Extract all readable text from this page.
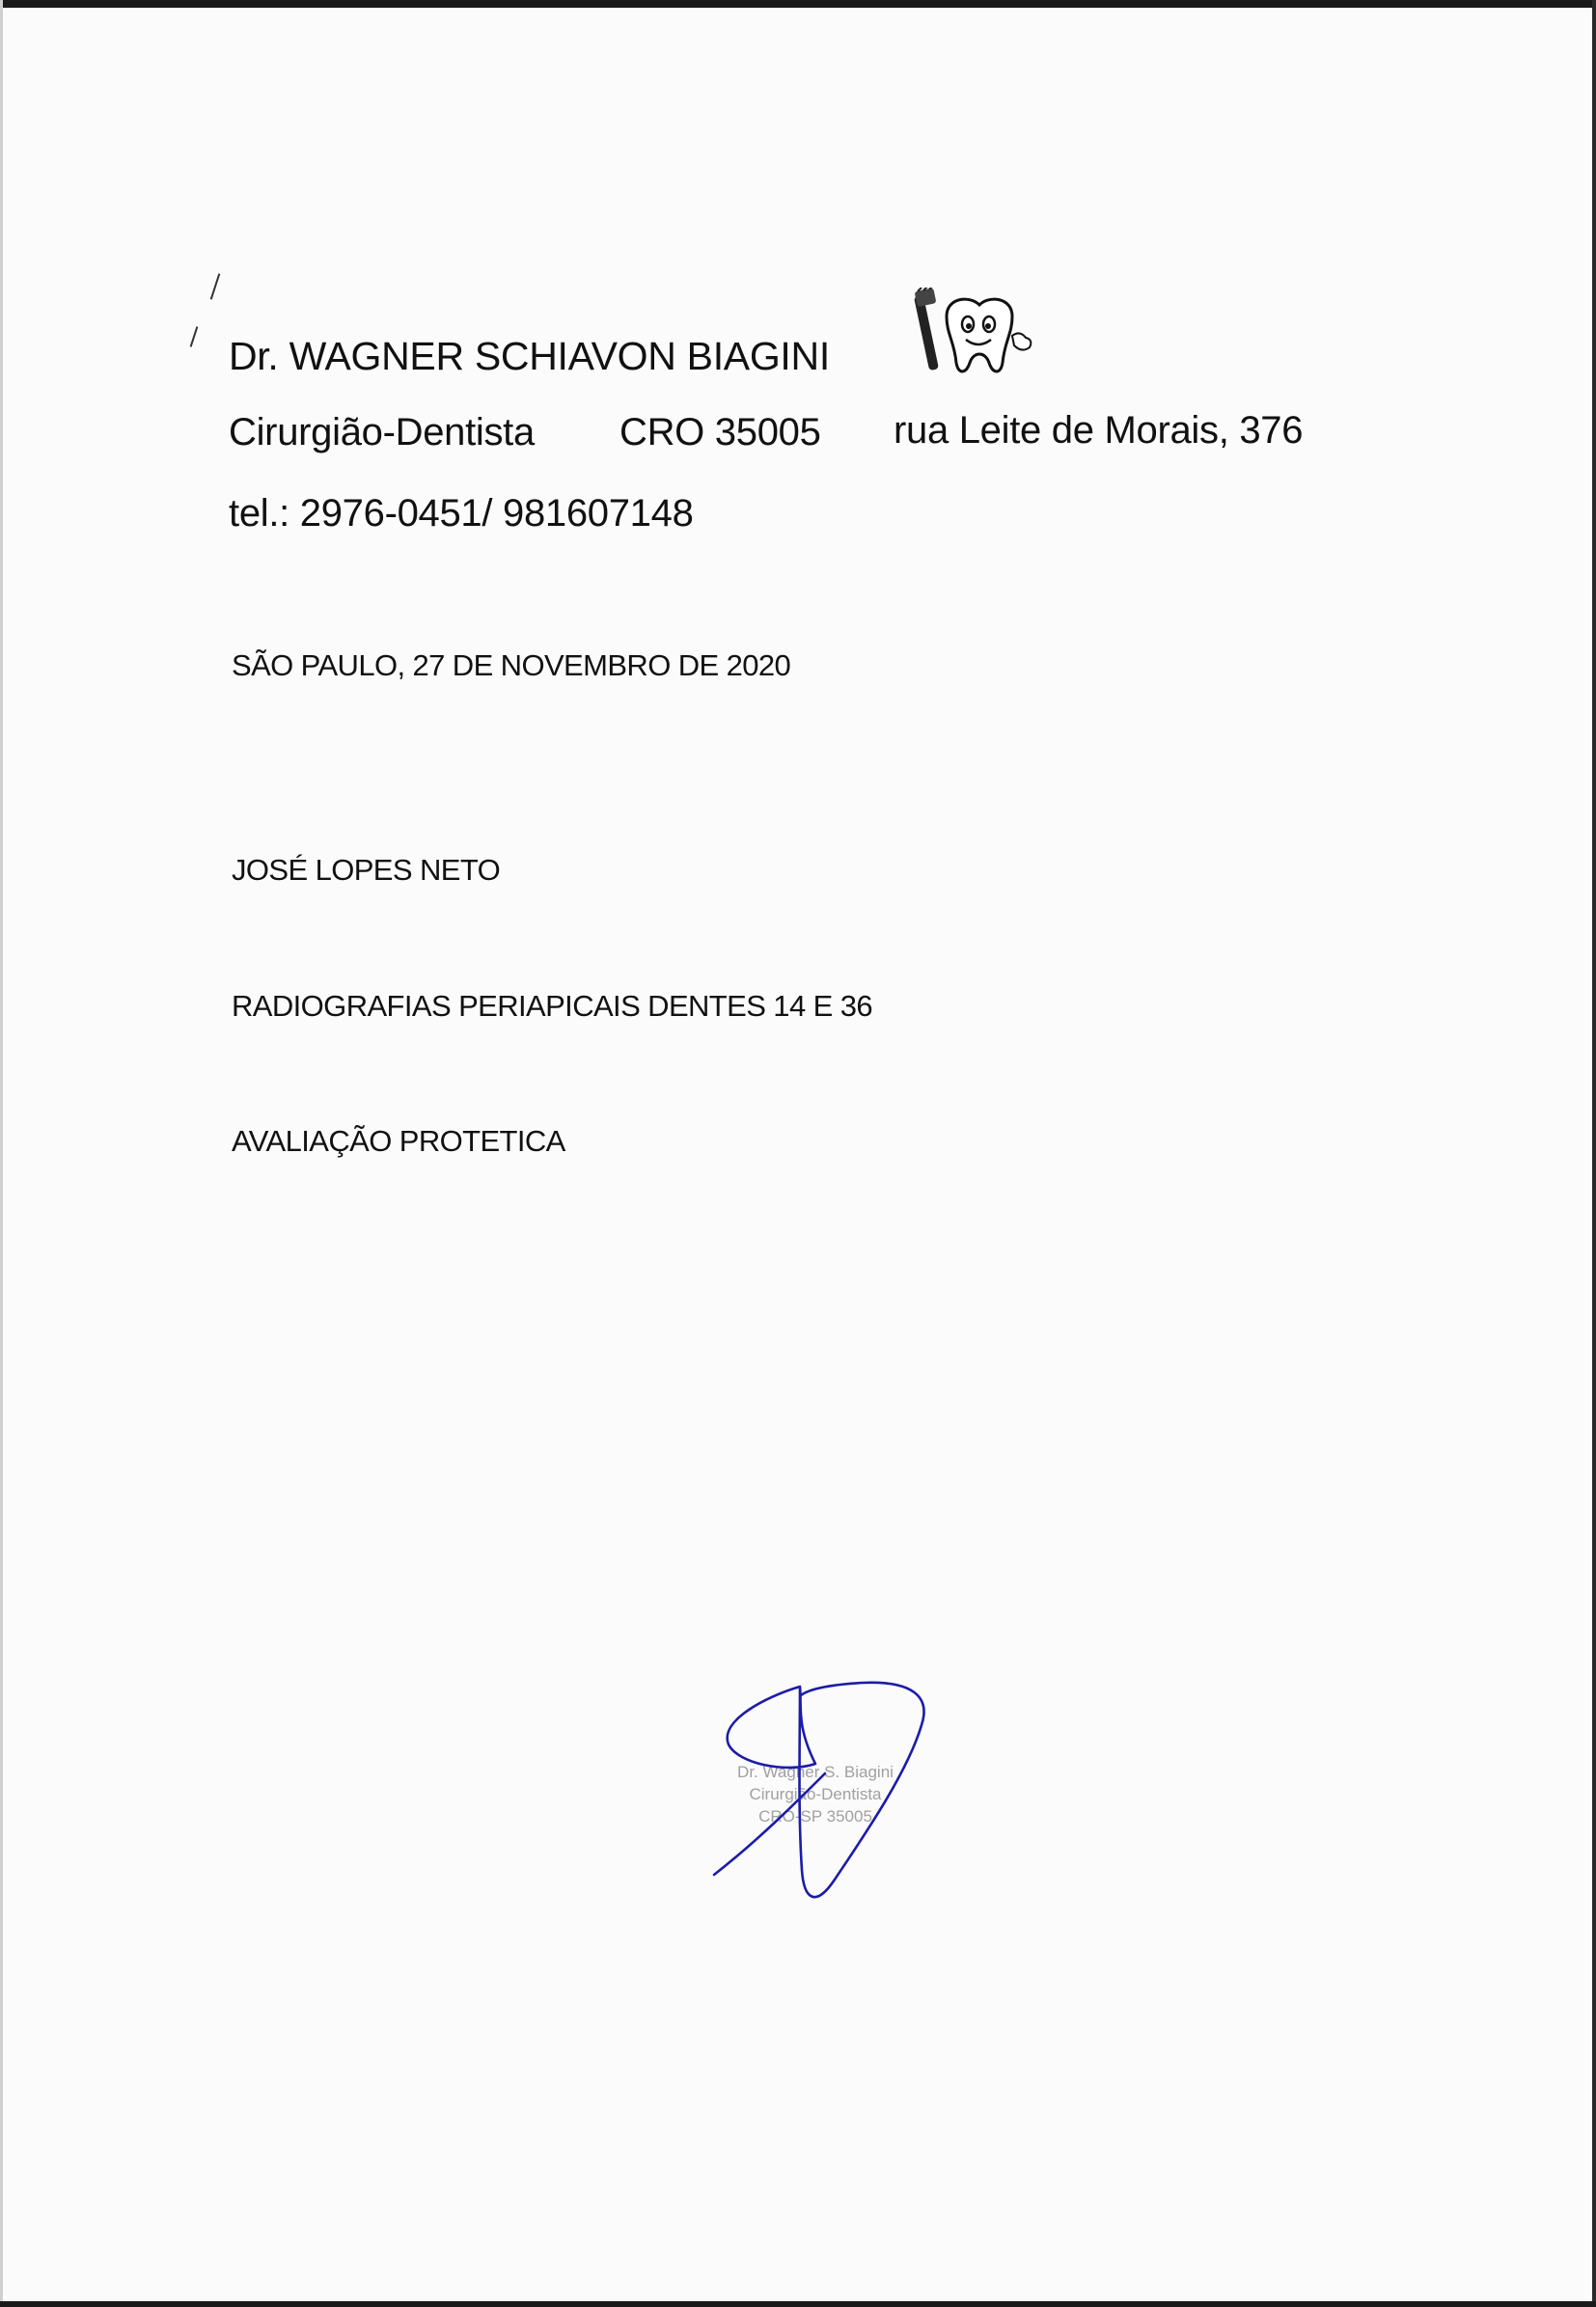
Dr. WAGNER SCHIAVON BIAGINI
Cirurgião-Dentista CRO 35005 rua Leite de Morais, 376
tel.: 2976-0451/ 981607148
SÃO PAULO, 27 DE NOVEMBRO DE 2020
JOSÉ LOPES NETO
RADIOGRAFIAS PERIAPICAIS DENTES 14 E 36
AVALIAÇÃO PROTETICA
Dr. Wagner S. Biagini
Cirurgião-Dentista
CRO-SP 35005
